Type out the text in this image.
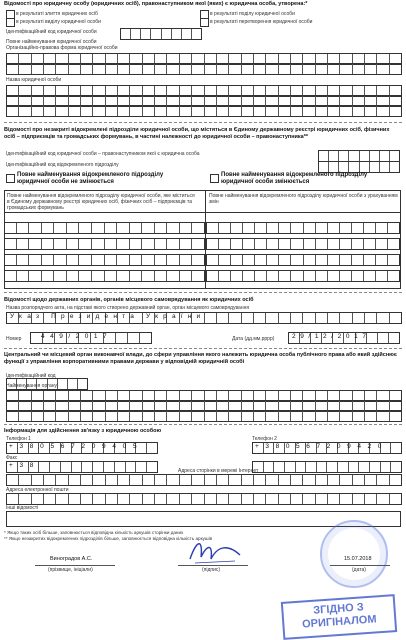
Відомості про юридичну особу (юридичних осіб), правонаступником якої (яких) є юридична особа, утворена:*
в результаті злиття юридичних осіб
в результаті виділу юридичної особи
в результаті поділу юридичної особи
в результаті перетворення юридичної особи
Ідентифікаційний код юридичної особи
Повне найменування юридичної особи
Організаційно-правова форма юридичної особи
Назва юридичної особи
Відомості про незакриті відокремлені підрозділи юридичної особи, що містяться в Єдиному державному реєстрі юридичних осіб, фізичних осіб – підприємців та громадських формувань, в частині належності до юридичної особи – правонаступника**
Ідентифікаційний код юридичної особи – правонаступником якої є юридична особа
Ідентифікаційний код відокремленого підрозділу
Повне найменування відокремленого підрозділу юридичної особи не змінюється
Повне найменування відокремленого підрозділу юридичної особи змінюється
Повне найменування відокремленого підрозділу юридичної особи, яке міститься в Єдиному державному реєстрі юридичних осіб, фізичних осіб – підприємців та громадських формувань
Повне найменування відокремленого підрозділу юридичної особи з урахуванням змін
Відомості щодо державних органів, органів місцевого самоврядування як юридичних осіб
Назва розпорядчого акта, на підставі якого створено державний орган, орган місцевого самоврядування
Указ Президента України
Номер	449/2017	Дата (дд.мм.рррр)	29/12/2017
Центральний чи місцевий орган виконавчої влади, до сфери управління якого належить юридична особа публічного права або який здійснює функції з управління корпоративними правами держави у відповідній юридичній особі
Ідентифікаційний код
Найменування органу
Інформація для здійснення зв'язку з юридичною особою
Телефон 1
+380567209405
Телефон 2
+380567209420
Факс
+38
Адреса сторінки в мережі Інтернет
Адреса електронної пошти
Інші відомості
* Якщо таких осіб більше, заповнюється відповідна кількість аркушів сторінки даних
** Якщо незакритих відокремлених підрозділів більше, заповнюється відповідна кількість аркушів
Виноградов А.С.
(прізвище, ініціали)	(підпис)
15.07.2018
(дата)
ЗГІДНО З
ОРИГІНАЛОМ
